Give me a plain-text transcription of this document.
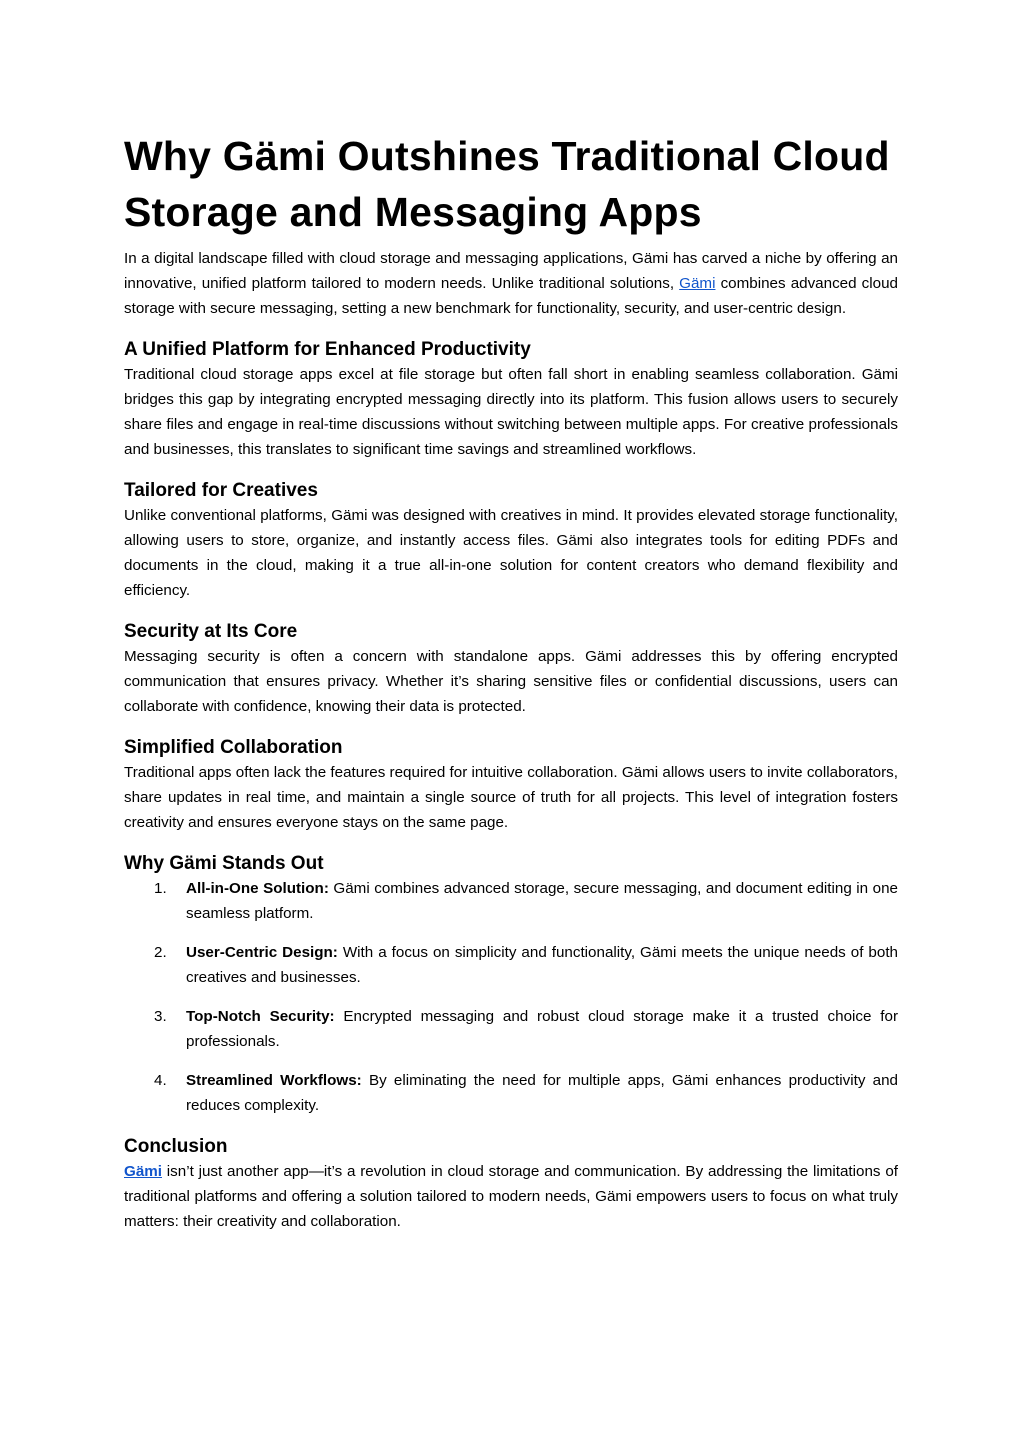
Why Gämi Outshines Traditional Cloud Storage and Messaging Apps

In a digital landscape filled with cloud storage and messaging applications, Gämi has carved a niche by offering an innovative, unified platform tailored to modern needs. Unlike traditional solutions, Gämi combines advanced cloud storage with secure messaging, setting a new benchmark for functionality, security, and user-centric design.

A Unified Platform for Enhanced Productivity

Traditional cloud storage apps excel at file storage but often fall short in enabling seamless collaboration. Gämi bridges this gap by integrating encrypted messaging directly into its platform. This fusion allows users to securely share files and engage in real-time discussions without switching between multiple apps. For creative professionals and businesses, this translates to significant time savings and streamlined workflows.

Tailored for Creatives

Unlike conventional platforms, Gämi was designed with creatives in mind. It provides elevated storage functionality, allowing users to store, organize, and instantly access files. Gämi also integrates tools for editing PDFs and documents in the cloud, making it a true all-in-one solution for content creators who demand flexibility and efficiency.

Security at Its Core

Messaging security is often a concern with standalone apps. Gämi addresses this by offering encrypted communication that ensures privacy. Whether it’s sharing sensitive files or confidential discussions, users can collaborate with confidence, knowing their data is protected.

Simplified Collaboration

Traditional apps often lack the features required for intuitive collaboration. Gämi allows users to invite collaborators, share updates in real time, and maintain a single source of truth for all projects. This level of integration fosters creativity and ensures everyone stays on the same page.

Why Gämi Stands Out
1. All-in-One Solution: Gämi combines advanced storage, secure messaging, and document editing in one seamless platform.

2. User-Centric Design: With a focus on simplicity and functionality, Gämi meets the unique needs of both creatives and businesses.

3. Top-Notch Security: Encrypted messaging and robust cloud storage make it a trusted choice for professionals.

4. Streamlined Workflows: By eliminating the need for multiple apps, Gämi enhances productivity and reduces complexity.

Conclusion

Gämi isn’t just another app—it’s a revolution in cloud storage and communication. By addressing the limitations of traditional platforms and offering a solution tailored to modern needs, Gämi empowers users to focus on what truly matters: their creativity and collaboration.
